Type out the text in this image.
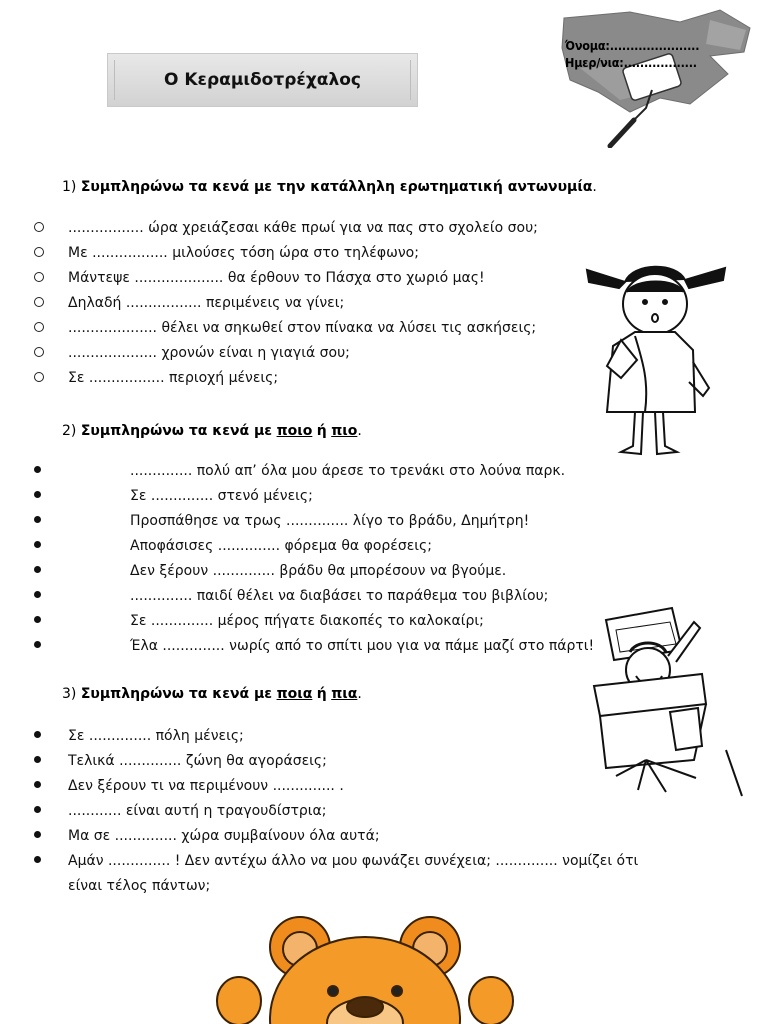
Ο Κεραμιδοτρέχαλος
Όνομα:......................
Ημερ/νια:..................
1) Συμπληρώνω τα κενά με την κατάλληλη ερωτηματική αντωνυμία.
................. ώρα χρειάζεσαι κάθε πρωί για να πας στο σχολείο σου;
Με ................. μιλούσες τόση ώρα στο τηλέφωνο;
Μάντεψε .................... θα έρθουν το Πάσχα στο χωριό μας!
Δηλαδή ................. περιμένεις να γίνει;
.................... θέλει να σηκωθεί στον πίνακα να λύσει τις ασκήσεις;
.................... χρονών είναι η γιαγιά σου;
Σε ................. περιοχή μένεις;
2) Συμπληρώνω τα κενά με ποιο ή πιο.
.............. πολύ απ’ όλα μου άρεσε το τρενάκι στο λούνα παρκ.
Σε .............. στενό μένεις;
Προσπάθησε να τρως .............. λίγο το βράδυ, Δημήτρη!
Αποφάσισες .............. φόρεμα θα φορέσεις;
Δεν ξέρουν .............. βράδυ θα μπορέσουν να βγούμε.
.............. παιδί θέλει να διαβάσει το παράθεμα του βιβλίου;
Σε .............. μέρος πήγατε διακοπές το καλοκαίρι;
Έλα .............. νωρίς από το σπίτι μου για να πάμε μαζί στο πάρτι!
3) Συμπληρώνω τα κενά με ποια ή πια.
Σε .............. πόλη μένεις;
Τελικά .............. ζώνη θα αγοράσεις;
Δεν ξέρουν τι να περιμένουν .............. .
............ είναι αυτή η τραγουδίστρια;
Μα σε .............. χώρα συμβαίνουν όλα αυτά;
Αμάν .............. ! Δεν αντέχω άλλο να μου φωνάζει συνέχεια; .............. νομίζει ότι
είναι τέλος πάντων;
